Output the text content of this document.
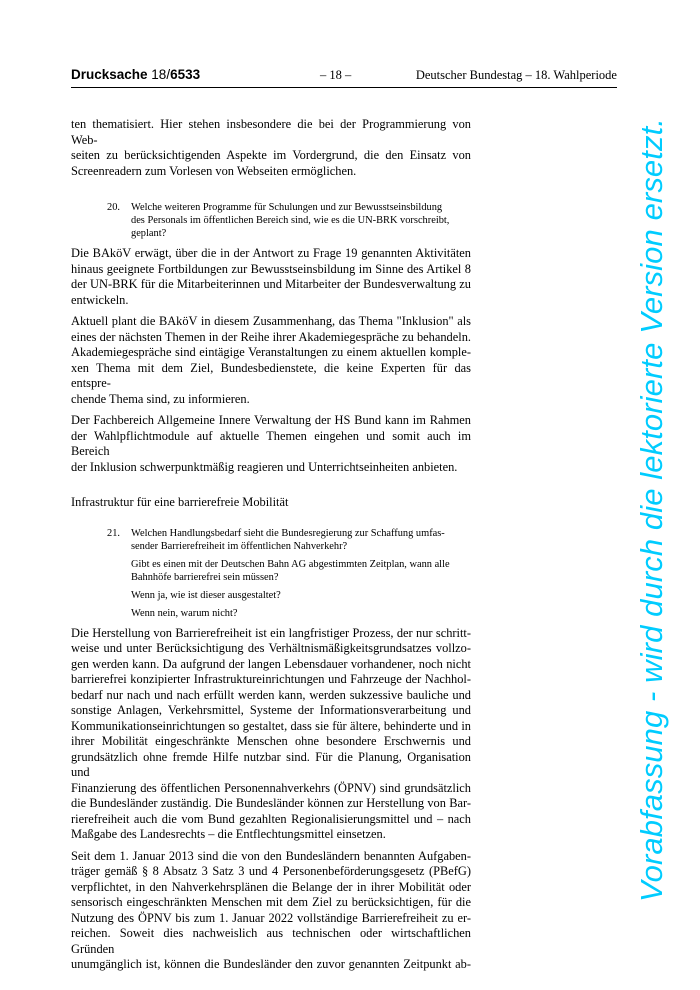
Drucksache 18/6533	– 18 –	Deutscher Bundestag – 18. Wahlperiode
ten thematisiert. Hier stehen insbesondere die bei der Programmierung von Web-
seiten zu berücksichtigenden Aspekte im Vordergrund, die den Einsatz von
Screenreadern zum Vorlesen von Webseiten ermöglichen.
20. Welche weiteren Programme für Schulungen und zur Bewusstseinsbildung
des Personals im öffentlichen Bereich sind, wie es die UN-BRK vorschreibt,
geplant?
Die BAköV erwägt, über die in der Antwort zu Frage 19 genannten Aktivitäten
hinaus geeignete Fortbildungen zur Bewusstseinsbildung im Sinne des Artikel 8
der UN-BRK für die Mitarbeiterinnen und Mitarbeiter der Bundesverwaltung zu
entwickeln.
Aktuell plant die BAköV in diesem Zusammenhang, das Thema "Inklusion" als
eines der nächsten Themen in der Reihe ihrer Akademiegespräche zu behandeln.
Akademiegespräche sind eintägige Veranstaltungen zu einem aktuellen komple-
xen Thema mit dem Ziel, Bundesbedienstete, die keine Experten für das entspre-
chende Thema sind, zu informieren.
Der Fachbereich Allgemeine Innere Verwaltung der HS Bund kann im Rahmen
der Wahlpflichtmodule auf aktuelle Themen eingehen und somit auch im Bereich
der Inklusion schwerpunktmäßig reagieren und Unterrichtseinheiten anbieten.
Infrastruktur für eine barrierefreie Mobilität
21. Welchen Handlungsbedarf sieht die Bundesregierung zur Schaffung umfas-
sender Barrierefreiheit im öffentlichen Nahverkehr?
Gibt es einen mit der Deutschen Bahn AG abgestimmten Zeitplan, wann alle
Bahnhöfe barrierefrei sein müssen?
Wenn ja, wie ist dieser ausgestaltet?
Wenn nein, warum nicht?
Die Herstellung von Barrierefreiheit ist ein langfristiger Prozess, der nur schritt-
weise und unter Berücksichtigung des Verhältnismäßigkeitsgrundsatzes vollzo-
gen werden kann. Da aufgrund der langen Lebensdauer vorhandener, noch nicht
barrierefrei konzipierter Infrastruktureinrichtungen und Fahrzeuge der Nachhol-
bedarf nur nach und nach erfüllt werden kann, werden sukzessive bauliche und
sonstige Anlagen, Verkehrsmittel, Systeme der Informationsverarbeitung und
Kommunikationseinrichtungen so gestaltet, dass sie für ältere, behinderte und in
ihrer Mobilität eingeschränkte Menschen ohne besondere Erschwernis und
grundsätzlich ohne fremde Hilfe nutzbar sind. Für die Planung, Organisation und
Finanzierung des öffentlichen Personennahverkehrs (ÖPNV) sind grundsätzlich
die Bundesländer zuständig. Die Bundesländer können zur Herstellung von Bar-
rierefreiheit auch die vom Bund gezahlten Regionalisierungsmittel und – nach
Maßgabe des Landesrechts – die Entflechtungsmittel einsetzen.
Seit dem 1. Januar 2013 sind die von den Bundesländern benannten Aufgaben-
träger gemäß § 8 Absatz 3 Satz 3 und 4 Personenbeförderungsgesetz (PBefG)
verpflichtet, in den Nahverkehrsplänen die Belange der in ihrer Mobilität oder
sensorisch eingeschränkten Menschen mit dem Ziel zu berücksichtigen, für die
Nutzung des ÖPNV bis zum 1. Januar 2022 vollständige Barrierefreiheit zu er-
reichen. Soweit dies nachweislich aus technischen oder wirtschaftlichen Gründen
unumgänglich ist, können die Bundesländer den zuvor genannten Zeitpunkt ab-
Vorabfassung - wird durch die lektorierte Version ersetzt.
